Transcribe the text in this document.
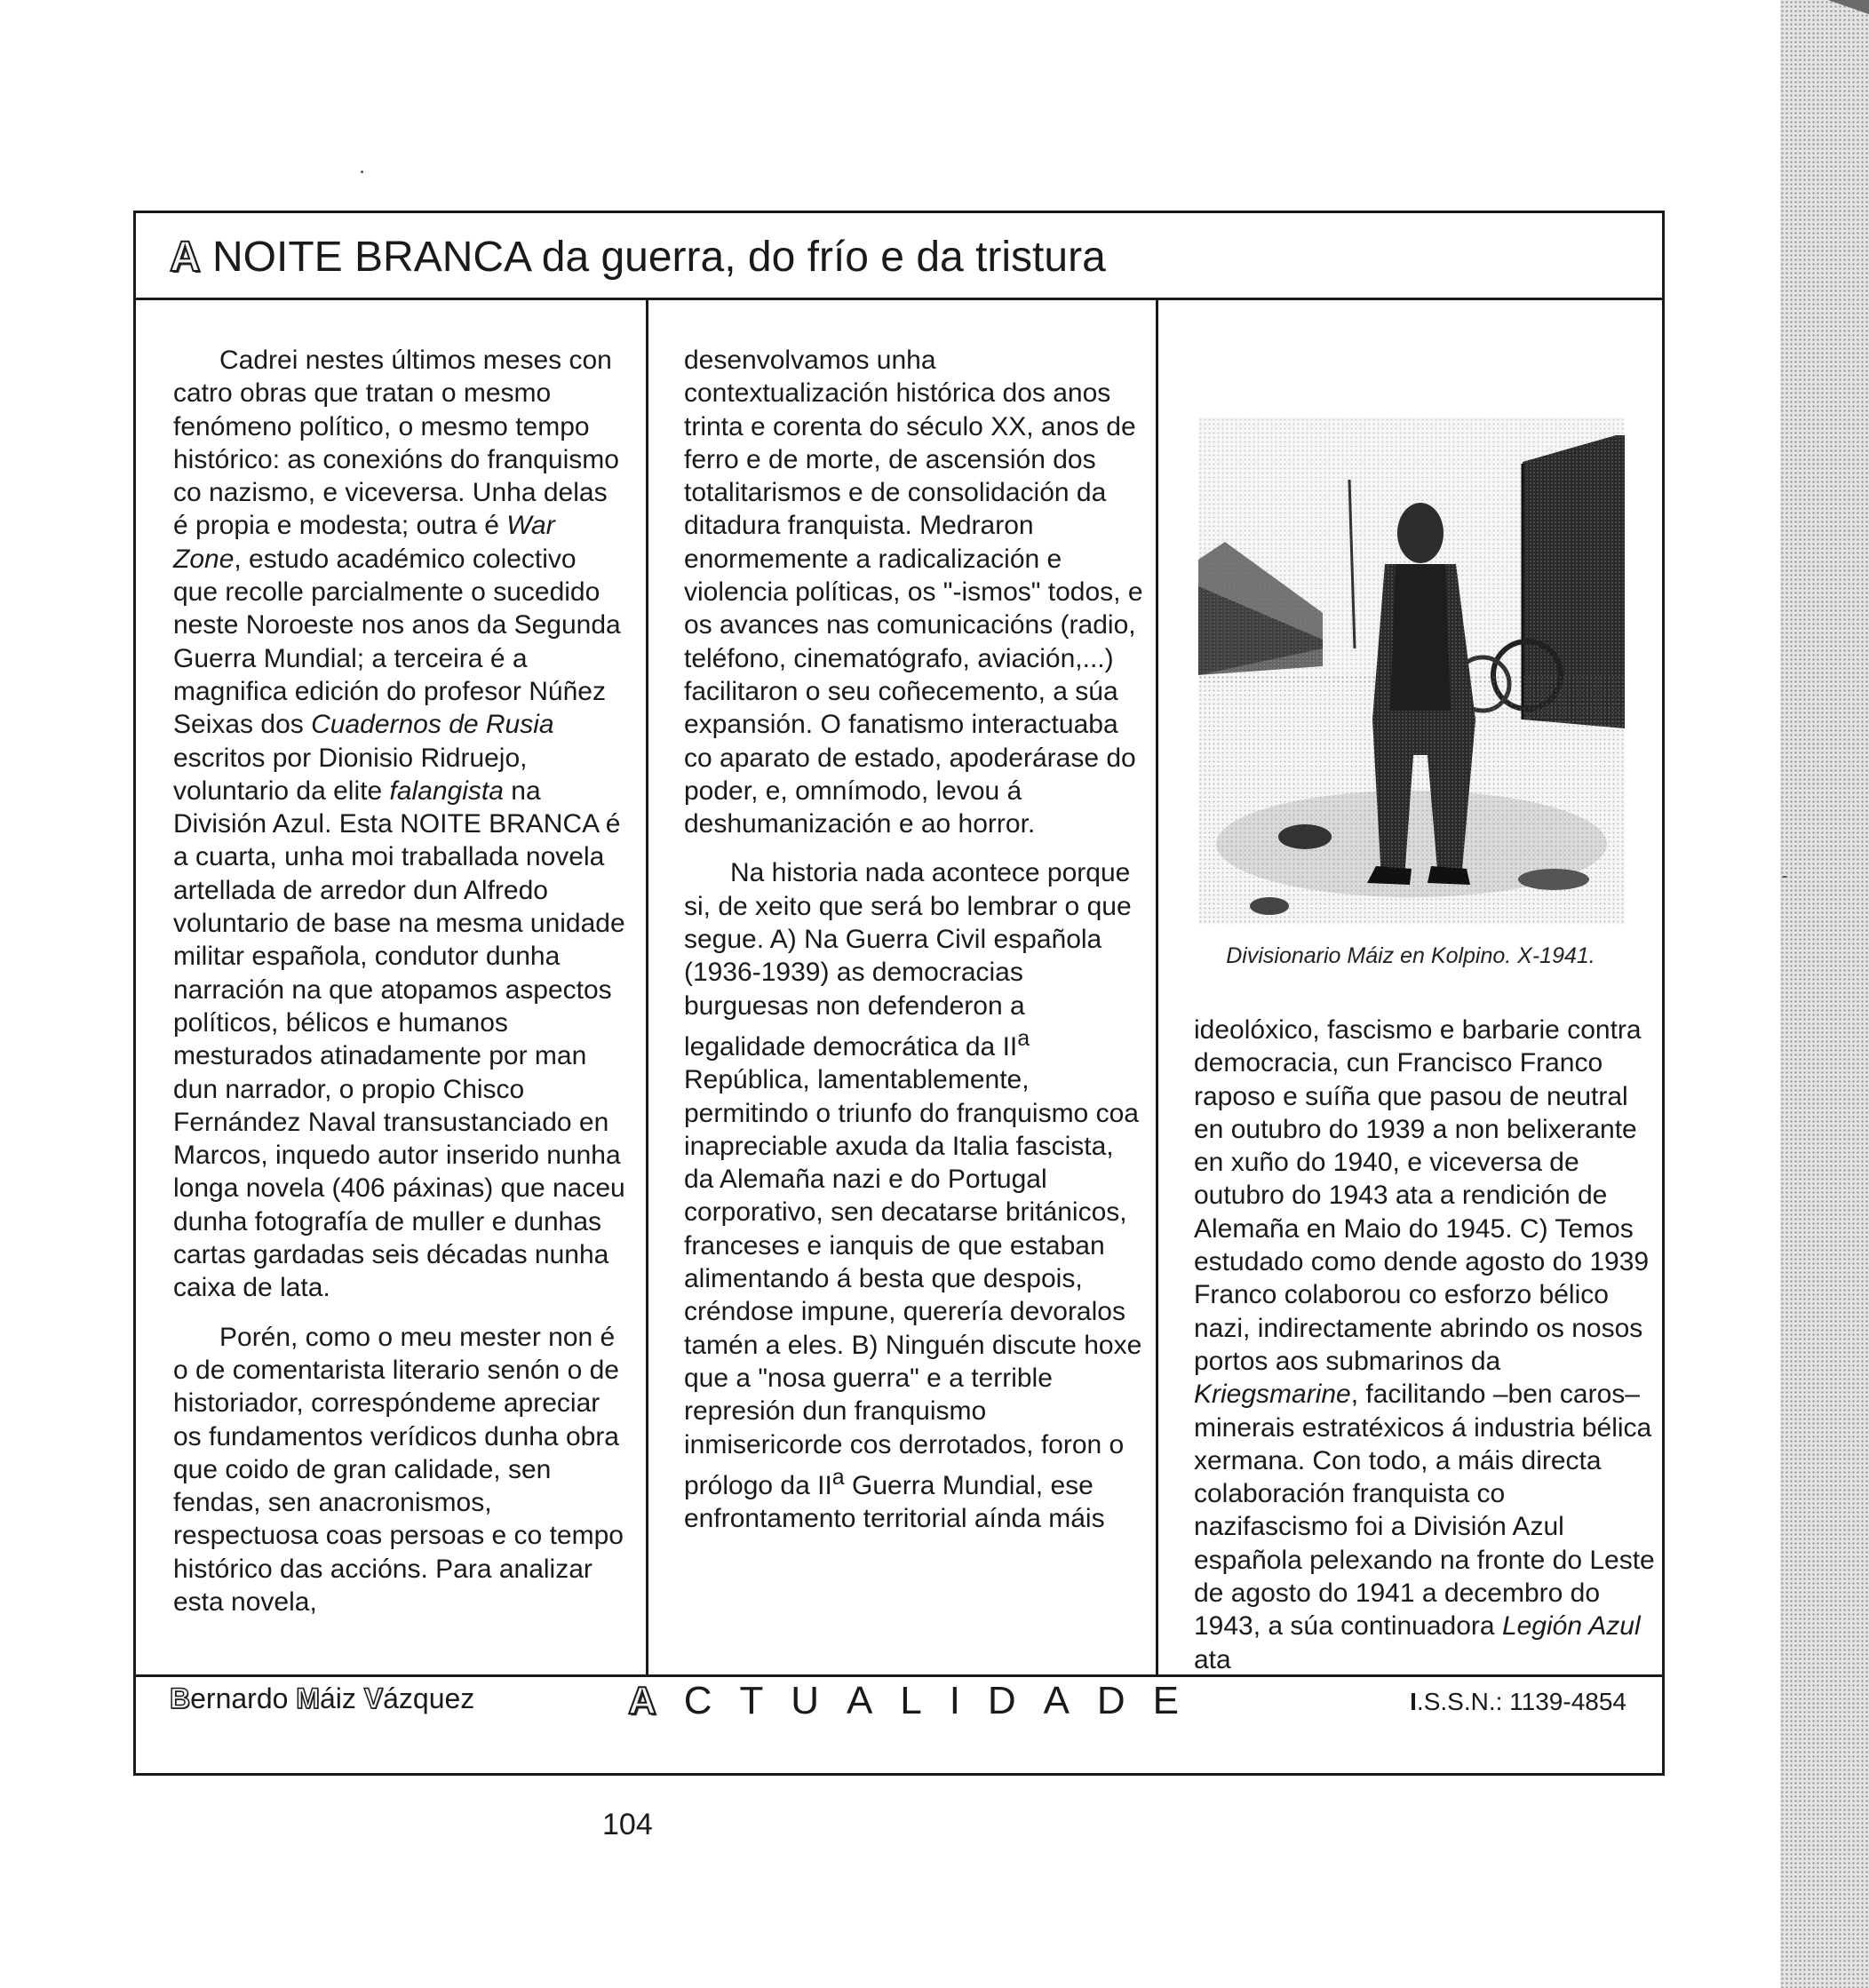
A NOITE BRANCA da guerra, do frío e da tristura

Cadrei nestes últimos meses con catro obras que tratan o mesmo fenómeno político, o mesmo tempo histórico: as conexións do franquismo co nazismo, e viceversa. Unha delas é propia e modesta; outra é War Zone, estudo académico colectivo que recolle parcialmente o sucedido neste Noroeste nos anos da Segunda Guerra Mundial; a terceira é a magnifica edición do profesor Núñez Seixas dos Cuadernos de Rusia escritos por Dionisio Ridruejo, voluntario da elite falangista na División Azul. Esta NOITE BRANCA é a cuarta, unha moi traballada novela artellada de arredor dun Alfredo voluntario de base na mesma unidade militar española, condutor dunha narración na que atopamos aspectos políticos, bélicos e humanos mesturados atinadamente por man dun narrador, o propio Chisco Fernández Naval transustanciado en Marcos, inquedo autor inserido nunha longa novela (406 páxinas) que naceu dunha fotografía de muller e dunhas cartas gardadas seis décadas nunha caixa de lata.

Porén, como o meu mester non é o de comentarista literario senón o de historiador, correspóndeme apreciar os fundamentos verídicos dunha obra que coido de gran calidade, sen fendas, sen anacronismos, respectuosa coas persoas e co tempo histórico das accións. Para analizar esta novela,

desenvolvamos unha contextualización histórica dos anos trinta e corenta do século XX, anos de ferro e de morte, de ascensión dos totalitarismos e de consolidación da ditadura franquista. Medraron enormemente a radicalización e violencia políticas, os "-ismos" todos, e os avances nas comunicacións (radio, teléfono, cinematógrafo, aviación,...) facilitaron o seu coñecemento, a súa expansión. O fanatismo interactuaba co aparato de estado, apoderárase do poder, e, omnímodo, levou á deshumanización e ao horror.

Na historia nada acontece porque si, de xeito que será bo lembrar o que segue. A) Na Guerra Civil española (1936-1939) as democracias burguesas non defenderon a legalidade democrática da $II^a$ República, lamentablemente, permitindo o triunfo do franquismo coa inapreciable axuda da Italia fascista, da Alemaña nazi e do Portugal corporativo, sen decatarse británicos, franceses e ianquis de que estaban alimentando á besta que despois, créndose impune, querería devoralos tamén a eles. B) Ninguén discute hoxe que a "nosa guerra" e a terrible represión dun franquismo inmisericorde cos derrotados, foron o prólogo da $II^a$ Guerra Mundial, ese enfrontamento territorial aínda máis

Divisionario Máiz en Kolpino. X-1941.

ideolóxico, fascismo e barbarie contra democracia, cun Francisco Franco raposo e suíña que pasou de neutral en outubro do 1939 a non belixerante en xuño do 1940, e viceversa de outubro do 1943 ata a rendición de Alemaña en Maio do 1945. C) Temos estudado como dende agosto do 1939 Franco colaborou co esforzo bélico nazi, indirectamente abrindo os nosos portos aos submarinos da Kriegsmarine, facilitando –ben caros– minerais estratéxicos á industria bélica xermana. Con todo, a máis directa colaboración franquista co nazifascismo foi a División Azul española pelexando na fronte do Leste de agosto do 1941 a decembro do 1943, a súa continuadora Legión Azul ata

Bernardo Máiz Vázquez	A C T U A L I D A D E	I.S.S.N.: 1139-4854
104
